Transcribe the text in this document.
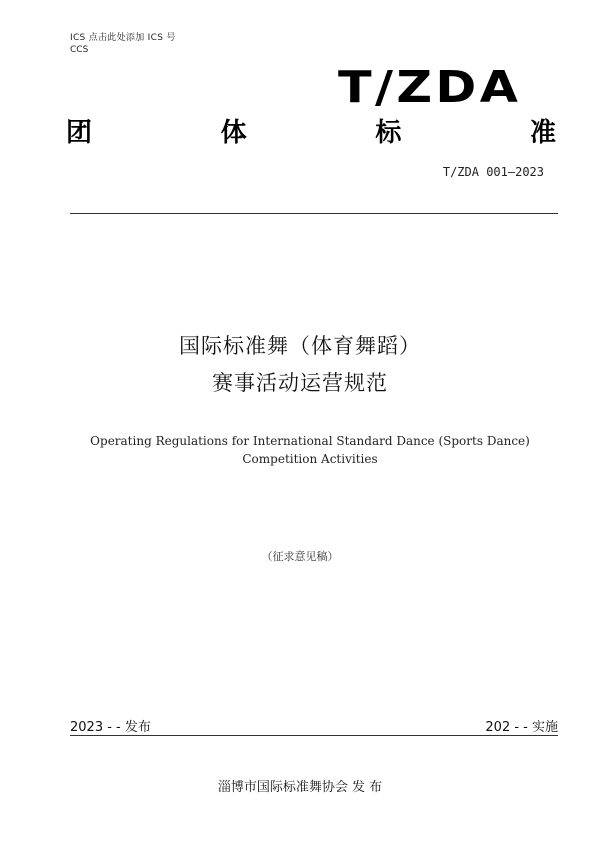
ICS 点击此处添加 ICS 号
CCS
T/ZDA
团	体	标	准
T/ZDA 001—2023
国际标准舞（体育舞蹈）
赛事活动运营规范
Operating Regulations for International Standard Dance (Sports Dance) Competition Activities
（征求意见稿）
2023 - - 发布	202 - - 实施
淄博市国际标准舞协会 发 布
